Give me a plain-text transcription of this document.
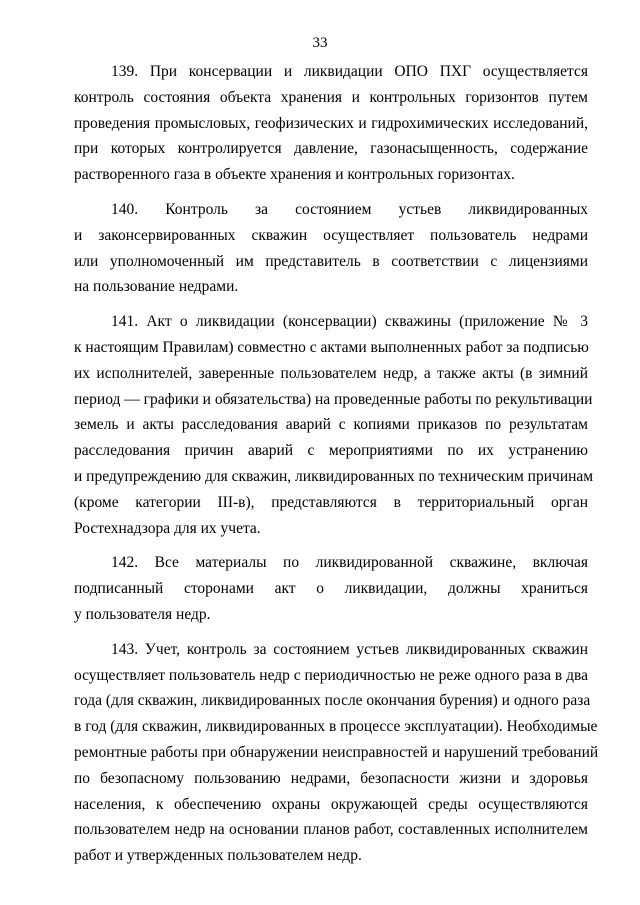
33
139. При консервации и ликвидации ОПО ПХГ осуществляется
контроль состояния объекта хранения и контрольных горизонтов путем
проведения промысловых, геофизических и гидрохимических исследований,
при которых контролируется давление, газонасыщенность, содержание
растворенного газа в объекте хранения и контрольных горизонтах.
140. Контроль за состоянием устьев ликвидированных
и законсервированных скважин осуществляет пользователь недрами
или уполномоченный им представитель в соответствии с лицензиями
на пользование недрами.
141. Акт о ликвидации (консервации) скважины (приложение № 3
к настоящим Правилам) совместно с актами выполненных работ за подписью
их исполнителей, заверенные пользователем недр, а также акты (в зимний
период — графики и обязательства) на проведенные работы по рекультивации
земель и акты расследования аварий с копиями приказов по результатам
расследования причин аварий с мероприятиями по их устранению
и предупреждению для скважин, ликвидированных по техническим причинам
(кроме категории III-в), представляются в территориальный орган
Ростехнадзора для их учета.
142. Все материалы по ликвидированной скважине, включая
подписанный сторонами акт о ликвидации, должны храниться
у пользователя недр.
143. Учет, контроль за состоянием устьев ликвидированных скважин
осуществляет пользователь недр с периодичностью не реже одного раза в два
года (для скважин, ликвидированных после окончания бурения) и одного раза
в год (для скважин, ликвидированных в процессе эксплуатации). Необходимые
ремонтные работы при обнаружении неисправностей и нарушений требований
по безопасному пользованию недрами, безопасности жизни и здоровья
населения, к обеспечению охраны окружающей среды осуществляются
пользователем недр на основании планов работ, составленных исполнителем
работ и утвержденных пользователем недр.
